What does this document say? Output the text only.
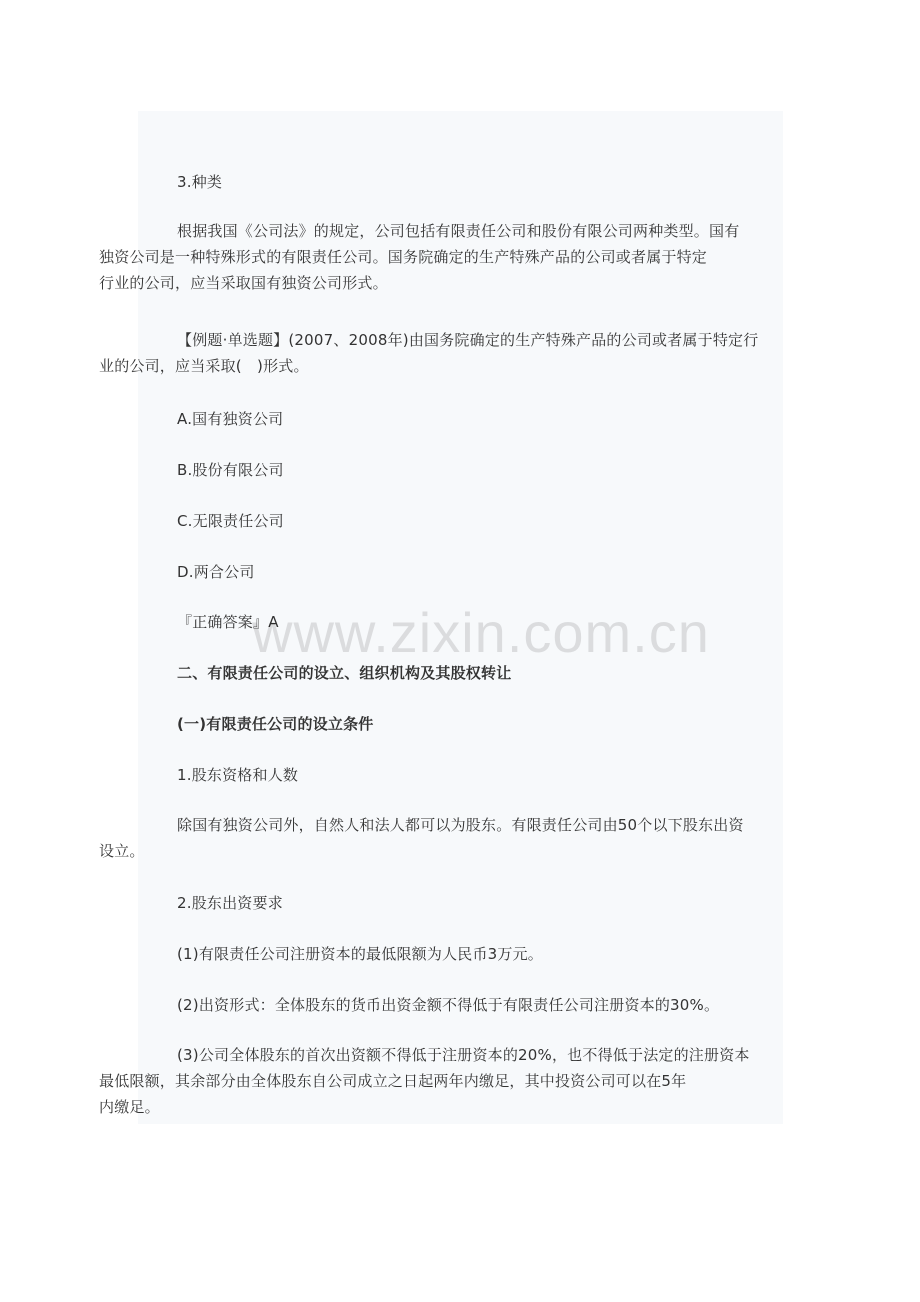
3.种类

根据我国《公司法》的规定，公司包括有限责任公司和股份有限公司两种类型。国有
独资公司是一种特殊形式的有限责任公司。国务院确定的生产特殊产品的公司或者属于特定
行业的公司，应当采取国有独资公司形式。

【例题·单选题】(2007、2008年)由国务院确定的生产特殊产品的公司或者属于特定行
业的公司，应当采取(　)形式。

A.国有独资公司

B.股份有限公司

C.无限责任公司

D.两合公司

『正确答案』A

二、有限责任公司的设立、组织机构及其股权转让

(一)有限责任公司的设立条件

1.股东资格和人数

除国有独资公司外，自然人和法人都可以为股东。有限责任公司由50个以下股东出资
设立。

2.股东出资要求

(1)有限责任公司注册资本的最低限额为人民币3万元。

(2)出资形式：全体股东的货币出资金额不得低于有限责任公司注册资本的30%。

(3)公司全体股东的首次出资额不得低于注册资本的20%，也不得低于法定的注册资本
最低限额，其余部分由全体股东自公司成立之日起两年内缴足，其中投资公司可以在5年
内缴足。
